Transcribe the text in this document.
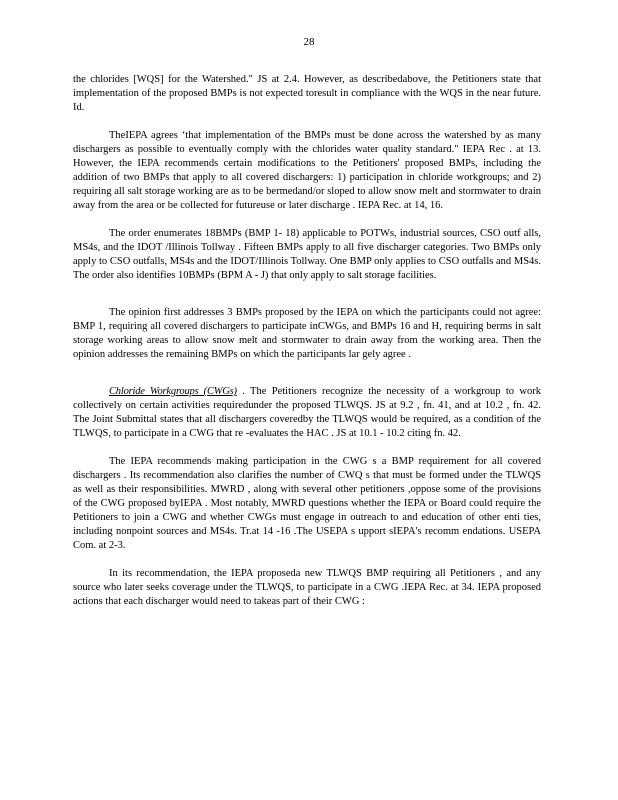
28

the chlorides [WQS] for the Watershed." JS at 2.4. However, as describedabove, the Petitioners state that implementation of the proposed BMPs is not expected toresult in compliance with the WQS in the near future. Id.

TheIEPA agrees ‘that implementation of the BMPs must be done across the watershed by as many dischargers as possible to eventually comply with the chlorides water quality standard." IEPA Rec . at 13. However, the IEPA recommends certain modifications to the Petitioners' proposed BMPs, including the addition of two BMPs that apply to all covered dischargers: 1) participation in chloride workgroups; and 2) requiring all salt storage working are as to be bermedand/or sloped to allow snow melt and stormwater to drain away from the area or be collected for futureuse or later discharge . IEPA Rec. at 14, 16.

The order enumerates 18BMPs (BMP 1- 18) applicable to POTWs, industrial sources, CSO outf alls, MS4s, and the IDOT /Illinois Tollway . Fifteen BMPs apply to all five discharger categories. Two BMPs only apply to CSO outfalls, MS4s and the IDOT/Illinois Tollway. One BMP only applies to CSO outfalls and MS4s. The order also identifies 10BMPs (BPM A - J) that only apply to salt storage facilities.

The opinion first addresses 3 BMPs proposed by the IEPA on which the participants could not agree: BMP 1, requiring all covered dischargers to participate inCWGs, and BMPs 16 and H, requiring berms in salt storage working areas to allow snow melt and stormwater to drain away from the working area. Then the opinion addresses the remaining BMPs on which the participants lar gely agree .

Chloride Workgroups (CWGs) . The Petitioners recognize the necessity of a workgroup to work collectively on certain activities requiredunder the proposed TLWQS. JS at 9.2 , fn. 41, and at 10.2 , fn. 42. The Joint Submittal states that all dischargers coveredby the TLWQS would be required, as a condition of the TLWQS, to participate in a CWG that re -evaluates the HAC . JS at 10.1 - 10.2 citing fn. 42.

The IEPA recommends making participation in the CWG s a BMP requirement for all covered dischargers . Its recommendation also clarifies the number of CWQ s that must be formed under the TLWQS as well as their responsibilities. MWRD , along with several other petitioners ,oppose some of the provisions of the CWG proposed byIEPA . Most notably, MWRD questions whether the IEPA or Board could require the Petitioners to join a CWG and whether CWGs must engage in outreach to and education of other enti ties, including nonpoint sources and MS4s. Tr.at 14 -16 .The USEPA s upport sIEPA's recomm endations. USEPA Com. at 2-3.

In its recommendation, the IEPA proposeda new TLWQS BMP requiring all Petitioners , and any source who later seeks coverage under the TLWQS, to participate in a CWG .IEPA Rec. at 34. IEPA proposed actions that each discharger would need to takeas part of their CWG :
